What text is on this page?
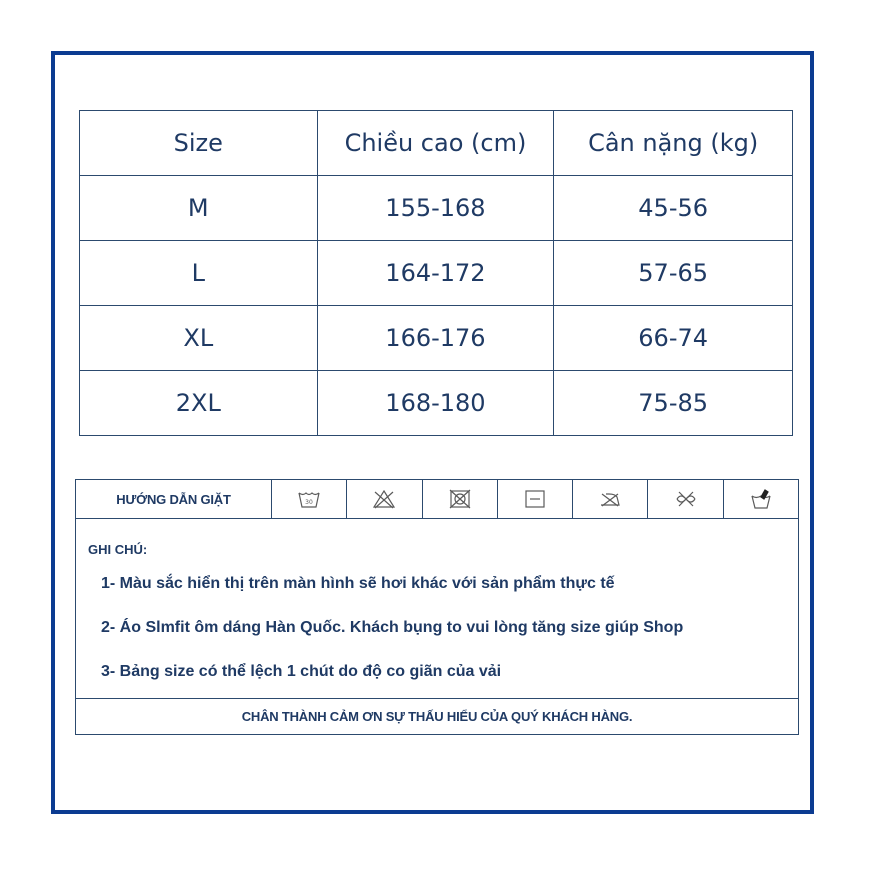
Size	Chiều cao (cm)	Cân nặng (kg)
M	155-168	45-56
L	164-172	57-65
XL	166-176	66-74
2XL	168-180	75-85
HƯỚNG DẪN GIẶT	30
GHI CHÚ:
1- Màu sắc hiển thị trên màn hình sẽ hơi khác với sản phẩm thực tế
2- Áo Slmfit ôm dáng Hàn Quốc. Khách bụng to vui lòng tăng size giúp Shop
3- Bảng size có thể lệch 1 chút do độ co giãn của vải
CHÂN THÀNH CẢM ƠN SỰ THẤU HIỂU CỦA QUÝ KHÁCH HÀNG.
